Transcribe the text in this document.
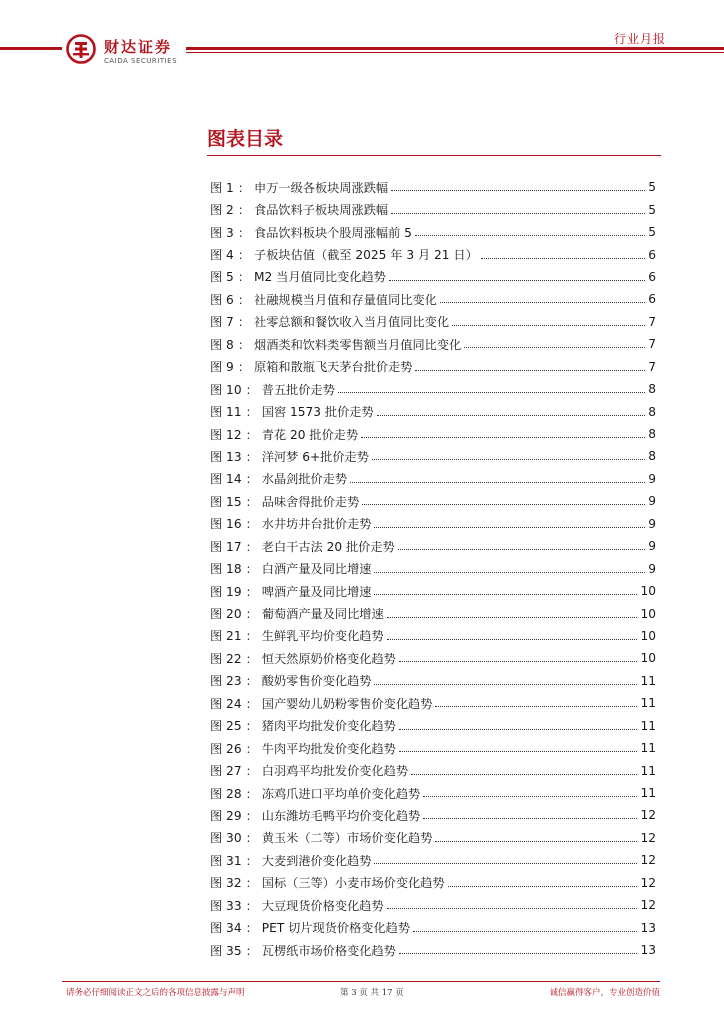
财达证券
CAIDA SECURITIES
行业月报
图表目录
图 1 ： 申万一级各板块周涨跌幅	5
图 2 ： 食品饮料子板块周涨跌幅	5
图 3 ： 食品饮料板块个股周涨幅前 5	5
图 4 ： 子板块估值（截至 2025 年 3 月 21 日）	6
图 5 ： M2 当月值同比变化趋势	6
图 6 ： 社融规模当月值和存量值同比变化	6
图 7 ： 社零总额和餐饮收入当月值同比变化	7
图 8 ： 烟酒类和饮料类零售额当月值同比变化	7
图 9 ： 原箱和散瓶飞天茅台批价走势	7
图 10 ： 普五批价走势	8
图 11 ： 国窖 1573 批价走势	8
图 12 ： 青花 20 批价走势	8
图 13 ： 洋河梦 6+批价走势	8
图 14 ： 水晶剑批价走势	9
图 15 ： 品味舍得批价走势	9
图 16 ： 水井坊井台批价走势	9
图 17 ： 老白干古法 20 批价走势	9
图 18 ： 白酒产量及同比增速	9
图 19 ： 啤酒产量及同比增速	10
图 20 ： 葡萄酒产量及同比增速	10
图 21 ： 生鲜乳平均价变化趋势	10
图 22 ： 恒天然原奶价格变化趋势	10
图 23 ： 酸奶零售价变化趋势	11
图 24 ： 国产婴幼儿奶粉零售价变化趋势	11
图 25 ： 猪肉平均批发价变化趋势	11
图 26 ： 牛肉平均批发价变化趋势	11
图 27 ： 白羽鸡平均批发价变化趋势	11
图 28 ： 冻鸡爪进口平均单价变化趋势	11
图 29 ： 山东潍坊毛鸭平均价变化趋势	12
图 30 ： 黄玉米（二等）市场价变化趋势	12
图 31 ： 大麦到港价变化趋势	12
图 32 ： 国标（三等）小麦市场价变化趋势	12
图 33 ： 大豆现货价格变化趋势	12
图 34 ： PET 切片现货价格变化趋势	13
图 35 ： 瓦楞纸市场价格变化趋势	13
请务必仔细阅读正文之后的各项信息披露与声明	第 3 页 共 17 页	诚信赢得客户，专业创造价值
